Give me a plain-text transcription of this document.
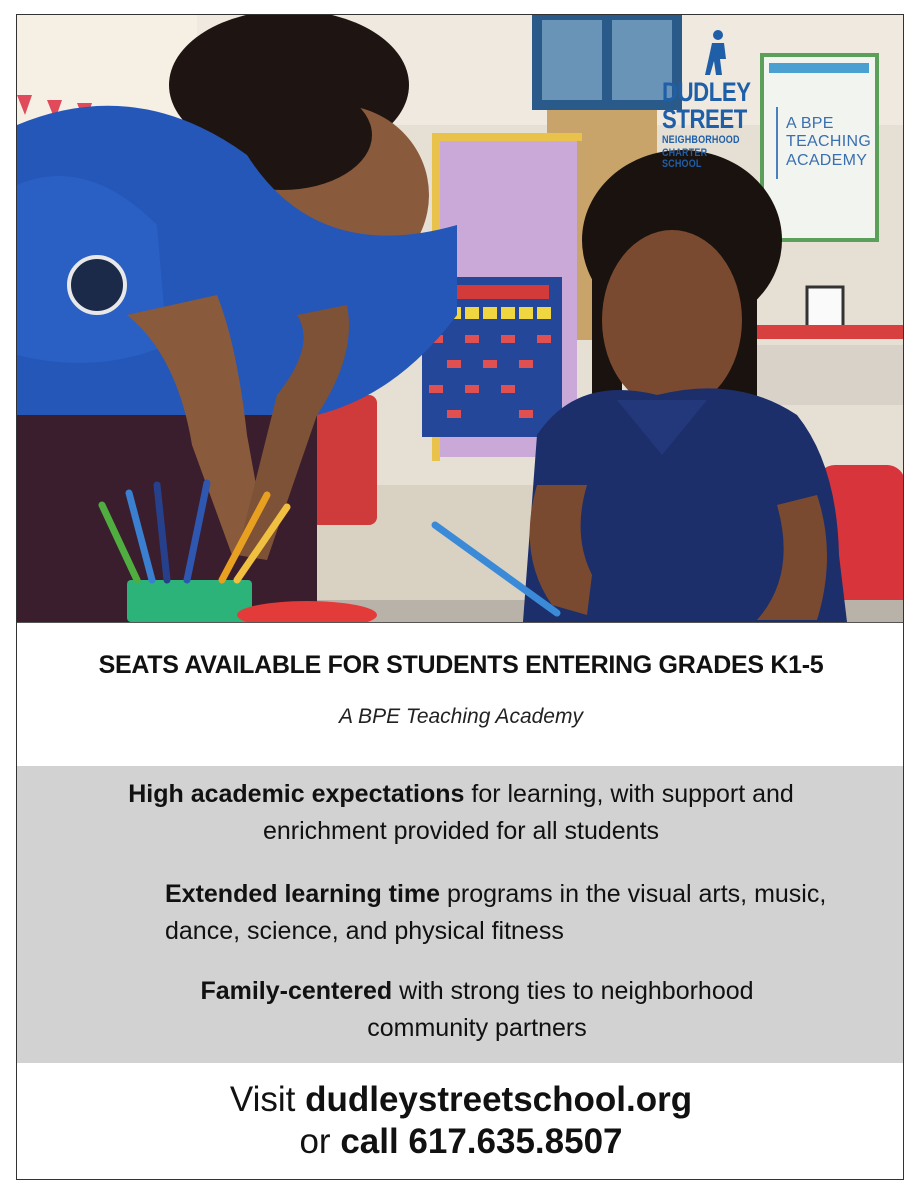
DUDLEY
STREET
NEIGHBORHOOD
CHARTER SCHOOL
A BPE
TEACHING
ACADEMY
SEATS AVAILABLE FOR STUDENTS ENTERING GRADES K1-5
A BPE Teaching Academy
High academic expectations for learning, with support and enrichment provided for all students
Extended learning time programs in the visual arts, music, dance, science, and physical fitness
Family-centered with strong ties to neighborhood community partners
Visit dudleystreetschool.org
or call 617.635.8507
